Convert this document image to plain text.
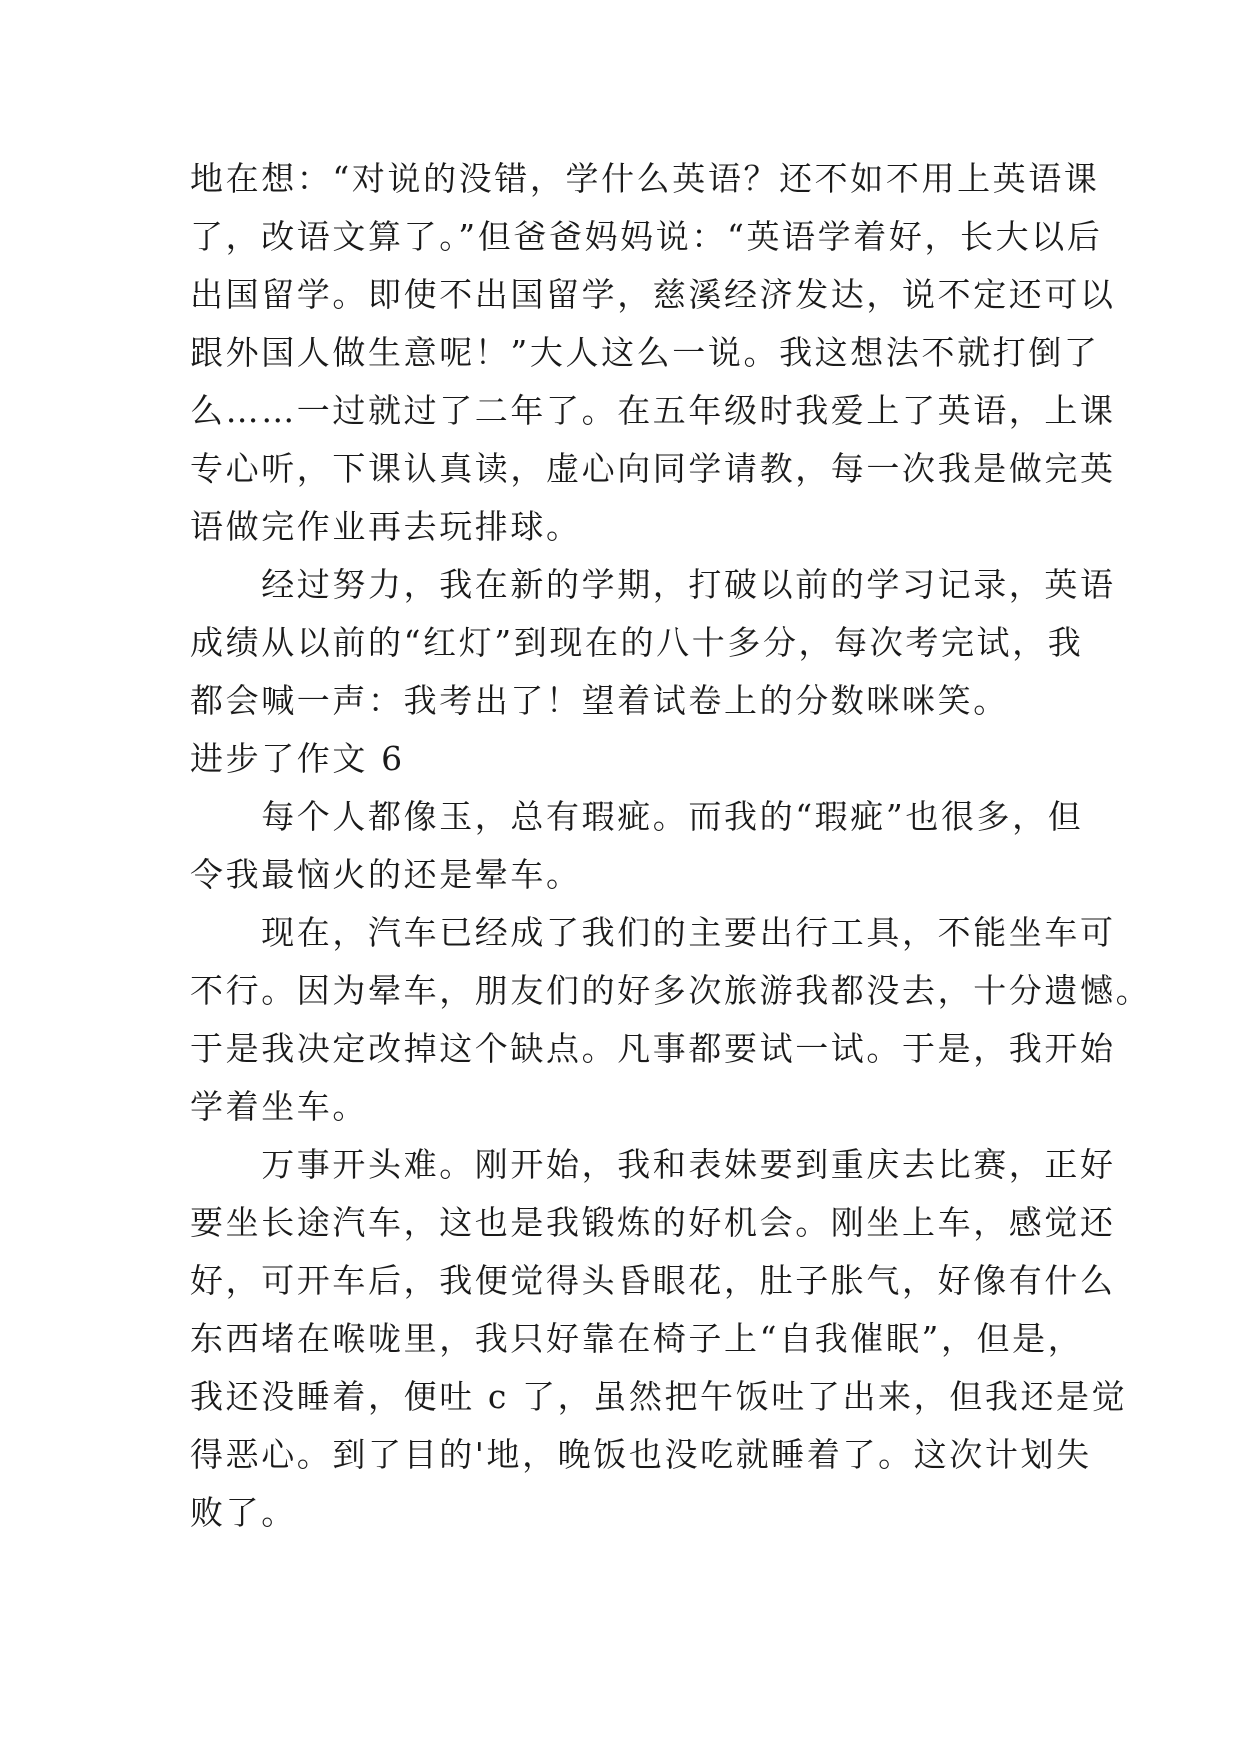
地在想：“对说的没错，学什么英语？还不如不用上英语课
了，改语文算了。”但爸爸妈妈说：“英语学着好，长大以后
出国留学。即使不出国留学，慈溪经济发达，说不定还可以
跟外国人做生意呢！”大人这么一说。我这想法不就打倒了
么……一过就过了二年了。在五年级时我爱上了英语，上课
专心听，下课认真读，虚心向同学请教，每一次我是做完英
语做完作业再去玩排球。
　　经过努力，我在新的学期，打破以前的学习记录，英语
成绩从以前的“红灯”到现在的八十多分，每次考完试，我
都会喊一声：我考出了！望着试卷上的分数咪咪笑。
进步了作文 6
　　每个人都像玉，总有瑕疵。而我的“瑕疵”也很多，但
令我最恼火的还是晕车。
　　现在，汽车已经成了我们的主要出行工具，不能坐车可
不行。因为晕车，朋友们的好多次旅游我都没去，十分遗憾。
于是我决定改掉这个缺点。凡事都要试一试。于是，我开始
学着坐车。
　　万事开头难。刚开始，我和表妹要到重庆去比赛，正好
要坐长途汽车，这也是我锻炼的好机会。刚坐上车，感觉还
好，可开车后，我便觉得头昏眼花，肚子胀气，好像有什么
东西堵在喉咙里，我只好靠在椅子上“自我催眠”，但是，
我还没睡着，便吐 c 了，虽然把午饭吐了出来，但我还是觉
得恶心。到了目的'地，晚饭也没吃就睡着了。这次计划失
败了。
